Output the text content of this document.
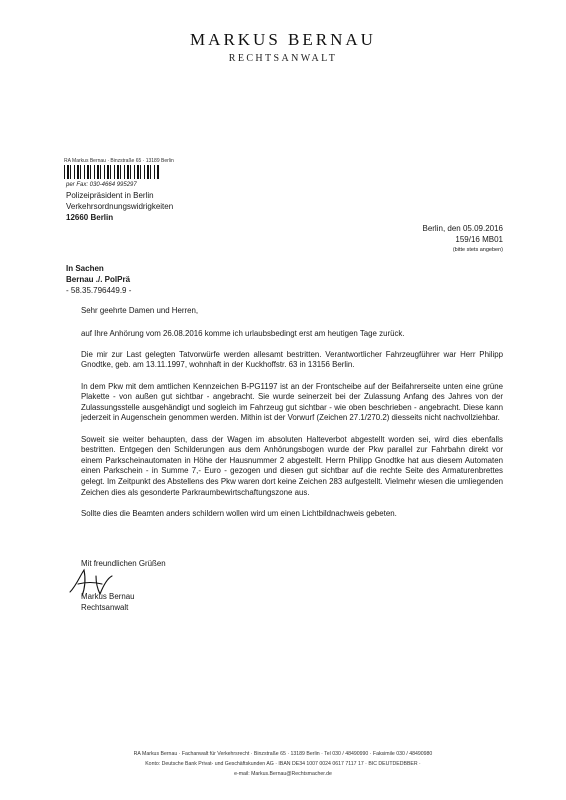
MARKUS BERNAU
RECHTSANWALT
RA Markus Bernau · Binzstraße 65 · 13189 Berlin
per Fax: 030-4664 995297
Polizeipräsident in Berlin
Verkehrsordnungswidrigkeiten
12660 Berlin
Berlin, den 05.09.2016
159/16 MB01
(bitte stets angeben)
In Sachen
Bernau ./. PolPrä
- 58.35.796449.9 -

Sehr geehrte Damen und Herren,

auf Ihre Anhörung vom 26.08.2016 komme ich urlaubsbedingt erst am heutigen Tage zurück.

Die mir zur Last gelegten Tatvorwürfe werden allesamt bestritten. Verantwortlicher Fahrzeugführer war Herr Philipp Gnodtke, geb. am 13.11.1997, wohnhaft in der Kuckhoffstr. 63 in 13156 Berlin.

In dem Pkw mit dem amtlichen Kennzeichen B-PG1197 ist an der Frontscheibe auf der Beifahrerseite unten eine grüne Plakette - von außen gut sichtbar - angebracht. Sie wurde seinerzeit bei der Zulassung Anfang des Jahres von der Zulassungsstelle ausgehändigt und sogleich im Fahrzeug gut sichtbar - wie oben beschrieben - angebracht. Diese kann jederzeit in Augenschein genommen werden. Mithin ist der Vorwurf (Zeichen 27.1/270.2) diesseits nicht nachvollziehbar.

Soweit sie weiter behaupten, dass der Wagen im absoluten Halteverbot abgestellt worden sei, wird dies ebenfalls bestritten. Entgegen den Schilderungen aus dem Anhörungsbogen wurde der Pkw parallel zur Fahrbahn direkt vor einem Parkscheinautomaten in Höhe der Hausnummer 2 abgestellt. Herrn Philipp Gnodtke hat aus diesem Automaten einen Parkschein - in Summe 7,- Euro - gezogen und diesen gut sichtbar auf die rechte Seite des Armaturenbrettes gelegt. Im Zeitpunkt des Abstellens des Pkw waren dort keine Zeichen 283 aufgestellt. Vielmehr wiesen die umliegenden Zeichen dies als gesonderte Parkraumbewirtschaftungszone aus.

Sollte dies die Beamten anders schildern wollen wird um einen Lichtbildnachweis gebeten.

Mit freundlichen Grüßen
Markus Bernau
Rechtsanwalt
RA Markus Bernau · Fachanwalt für Verkehrsrecht · Binzstraße 65 · 13189 Berlin · Tel 030 / 48490990 · Faksimile 030 / 48490980
Konto: Deutsche Bank Privat- und Geschäftskunden AG · IBAN DE34 1007 0024 0617 7117 17 · BIC DEUTDEDBBER ·
e-mail: Markus.Bernau@Rechtsmacher.de
